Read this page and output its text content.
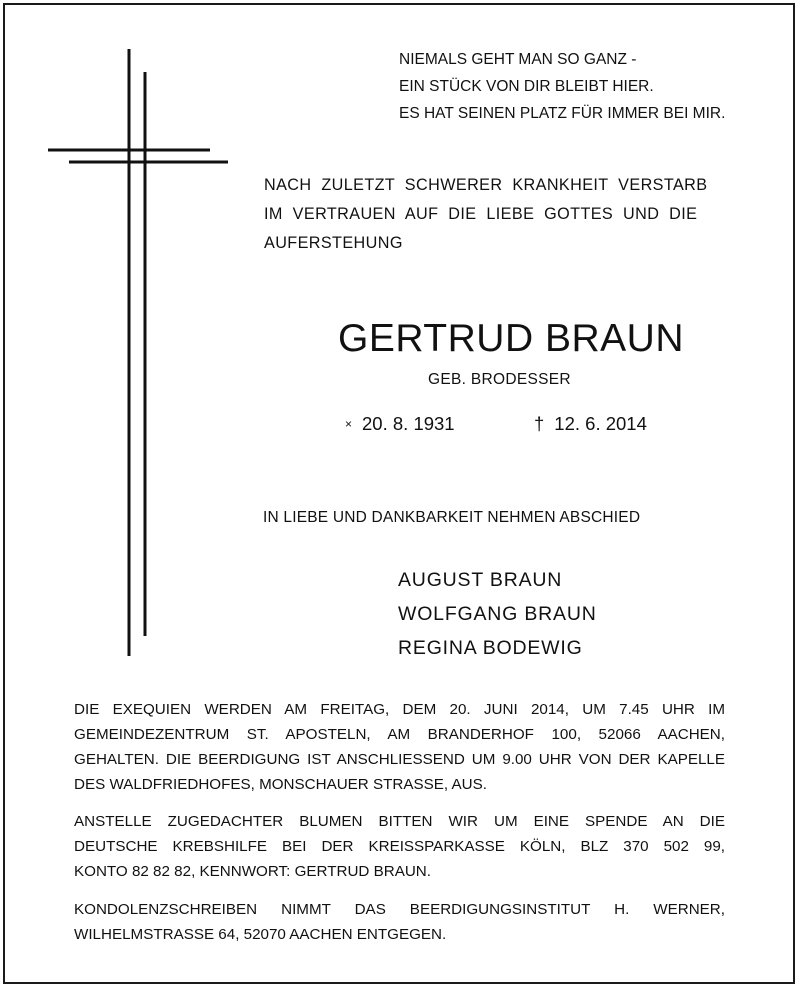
NIEMALS GEHT MAN SO GANZ -
EIN STÜCK VON DIR BLEIBT HIER.
ES HAT SEINEN PLATZ FÜR IMMER BEI MIR.
NACH ZULETZT SCHWERER KRANKHEIT VERSTARB
IM VERTRAUEN AUF DIE LIEBE GOTTES UND DIE
AUFERSTEHUNG
GERTRUD BRAUN
GEB. BRODESSER
× 20. 8. 1931	† 12. 6. 2014
IN LIEBE UND DANKBARKEIT NEHMEN ABSCHIED
AUGUST BRAUN
WOLFGANG BRAUN
REGINA BODEWIG
DIE EXEQUIEN WERDEN AM FREITAG, DEM 20. JUNI 2014, UM 7.45 UHR IM
GEMEINDEZENTRUM ST. APOSTELN, AM BRANDERHOF 100, 52066 AACHEN,
GEHALTEN. DIE BEERDIGUNG IST ANSCHLIESSEND UM 9.00 UHR VON DER KAPELLE
DES WALDFRIEDHOFES, MONSCHAUER STRASSE, AUS.
ANSTELLE ZUGEDACHTER BLUMEN BITTEN WIR UM EINE SPENDE AN DIE
DEUTSCHE KREBSHILFE BEI DER KREISSPARKASSE KÖLN, BLZ 370 502 99,
KONTO 82 82 82, KENNWORT: GERTRUD BRAUN.
KONDOLENZSCHREIBEN NIMMT DAS BEERDIGUNGSINSTITUT H. WERNER,
WILHELMSTRASSE 64, 52070 AACHEN ENTGEGEN.
